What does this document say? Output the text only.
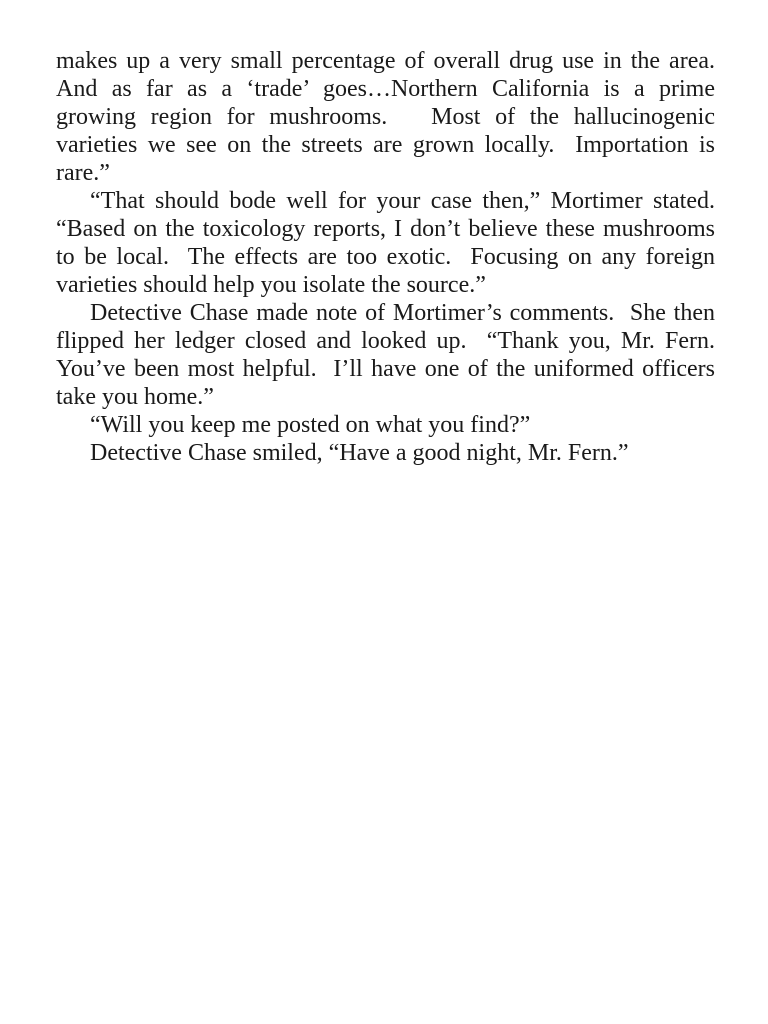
makes up a very small percentage of overall drug use in the area.  And as far as a ‘trade’ goes…Northern California is a prime growing region for mushrooms.   Most of the hallucinogenic varieties we see on the streets are grown locally.  Importation is rare.”

“That should bode well for your case then,” Mortimer stated.   “Based on the toxicology reports, I don’t believe these mushrooms to be local.  The effects are too exotic.  Focusing on any foreign varieties should help you isolate the source.”

Detective Chase made note of Mortimer’s comments.  She then flipped her ledger closed and looked up.  “Thank you, Mr. Fern.  You’ve been most helpful.  I’ll have one of the uniformed officers take you home.”

“Will you keep me posted on what you find?”

Detective Chase smiled, “Have a good night, Mr. Fern.”
